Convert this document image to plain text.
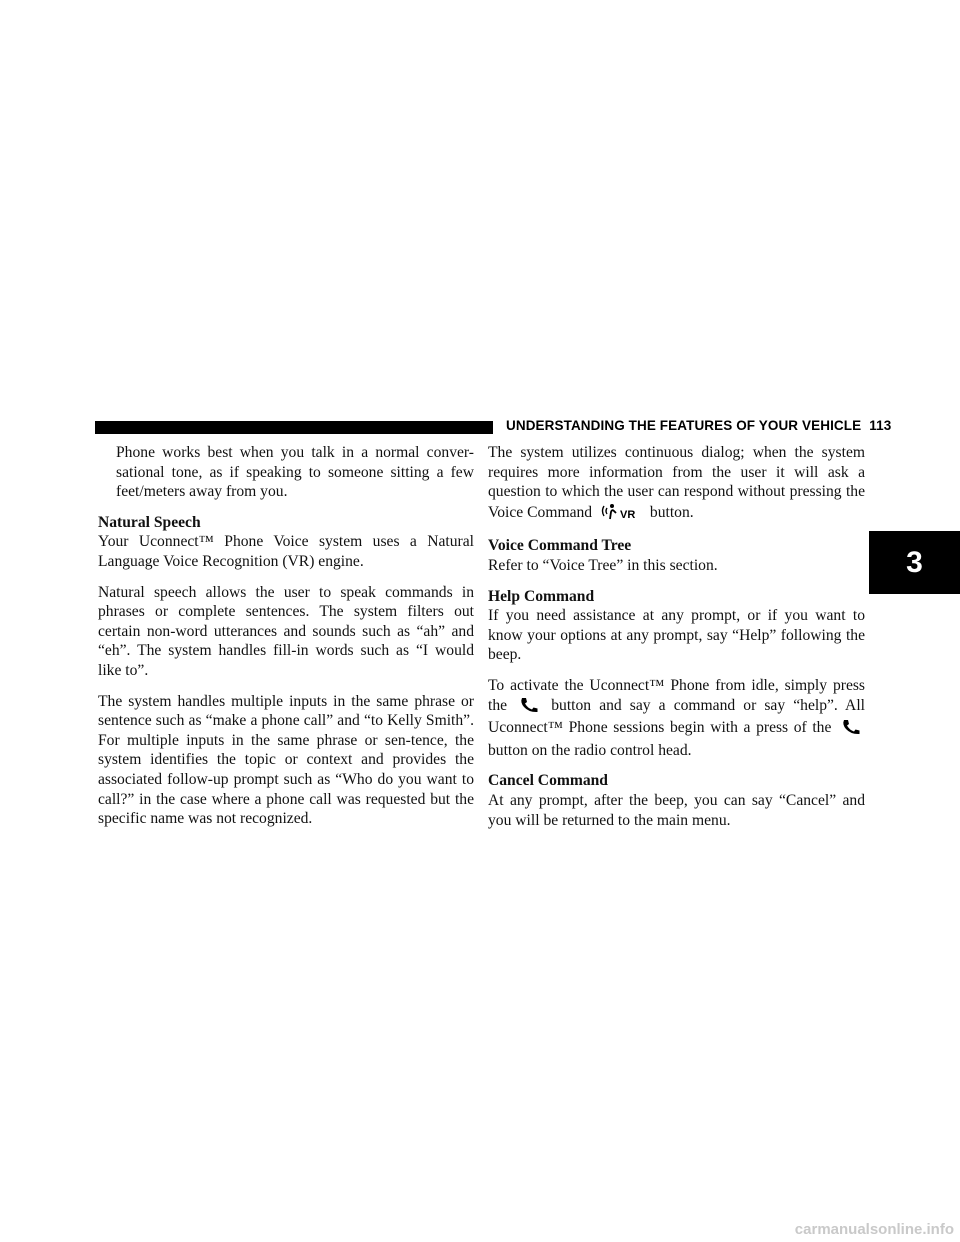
UNDERSTANDING THE FEATURES OF YOUR VEHICLE 113
3

Phone works best when you talk in a normal conver-sational tone, as if speaking to someone sitting a few feet/meters away from you.

Natural Speech

Your Uconnect™ Phone Voice system uses a Natural Language Voice Recognition (VR) engine.

Natural speech allows the user to speak commands in phrases or complete sentences. The system filters out certain non-word utterances and sounds such as “ah” and “eh”. The system handles fill-in words such as “I would like to”.

The system handles multiple inputs in the same phrase or sentence such as “make a phone call” and “to Kelly Smith”. For multiple inputs in the same phrase or sen-tence, the system identifies the topic or context and provides the associated follow-up prompt such as “Who do you want to call?” in the case where a phone call was requested but the specific name was not recognized.

The system utilizes continuous dialog; when the system requires more information from the user it will ask a question to which the user can respond without pressing the Voice Command	VR button.

Voice Command Tree

Refer to “Voice Tree” in this section.

Help Command

If you need assistance at any prompt, or if you want to know your options at any prompt, say “Help” following the beep.

To activate the Uconnect™ Phone from idle, simply press the	button and say a command or say “help”. All Uconnect™ Phone sessions begin with a press of the  button on the radio control head.

Cancel Command

At any prompt, after the beep, you can say “Cancel” and you will be returned to the main menu.

carmanualsonline.info
